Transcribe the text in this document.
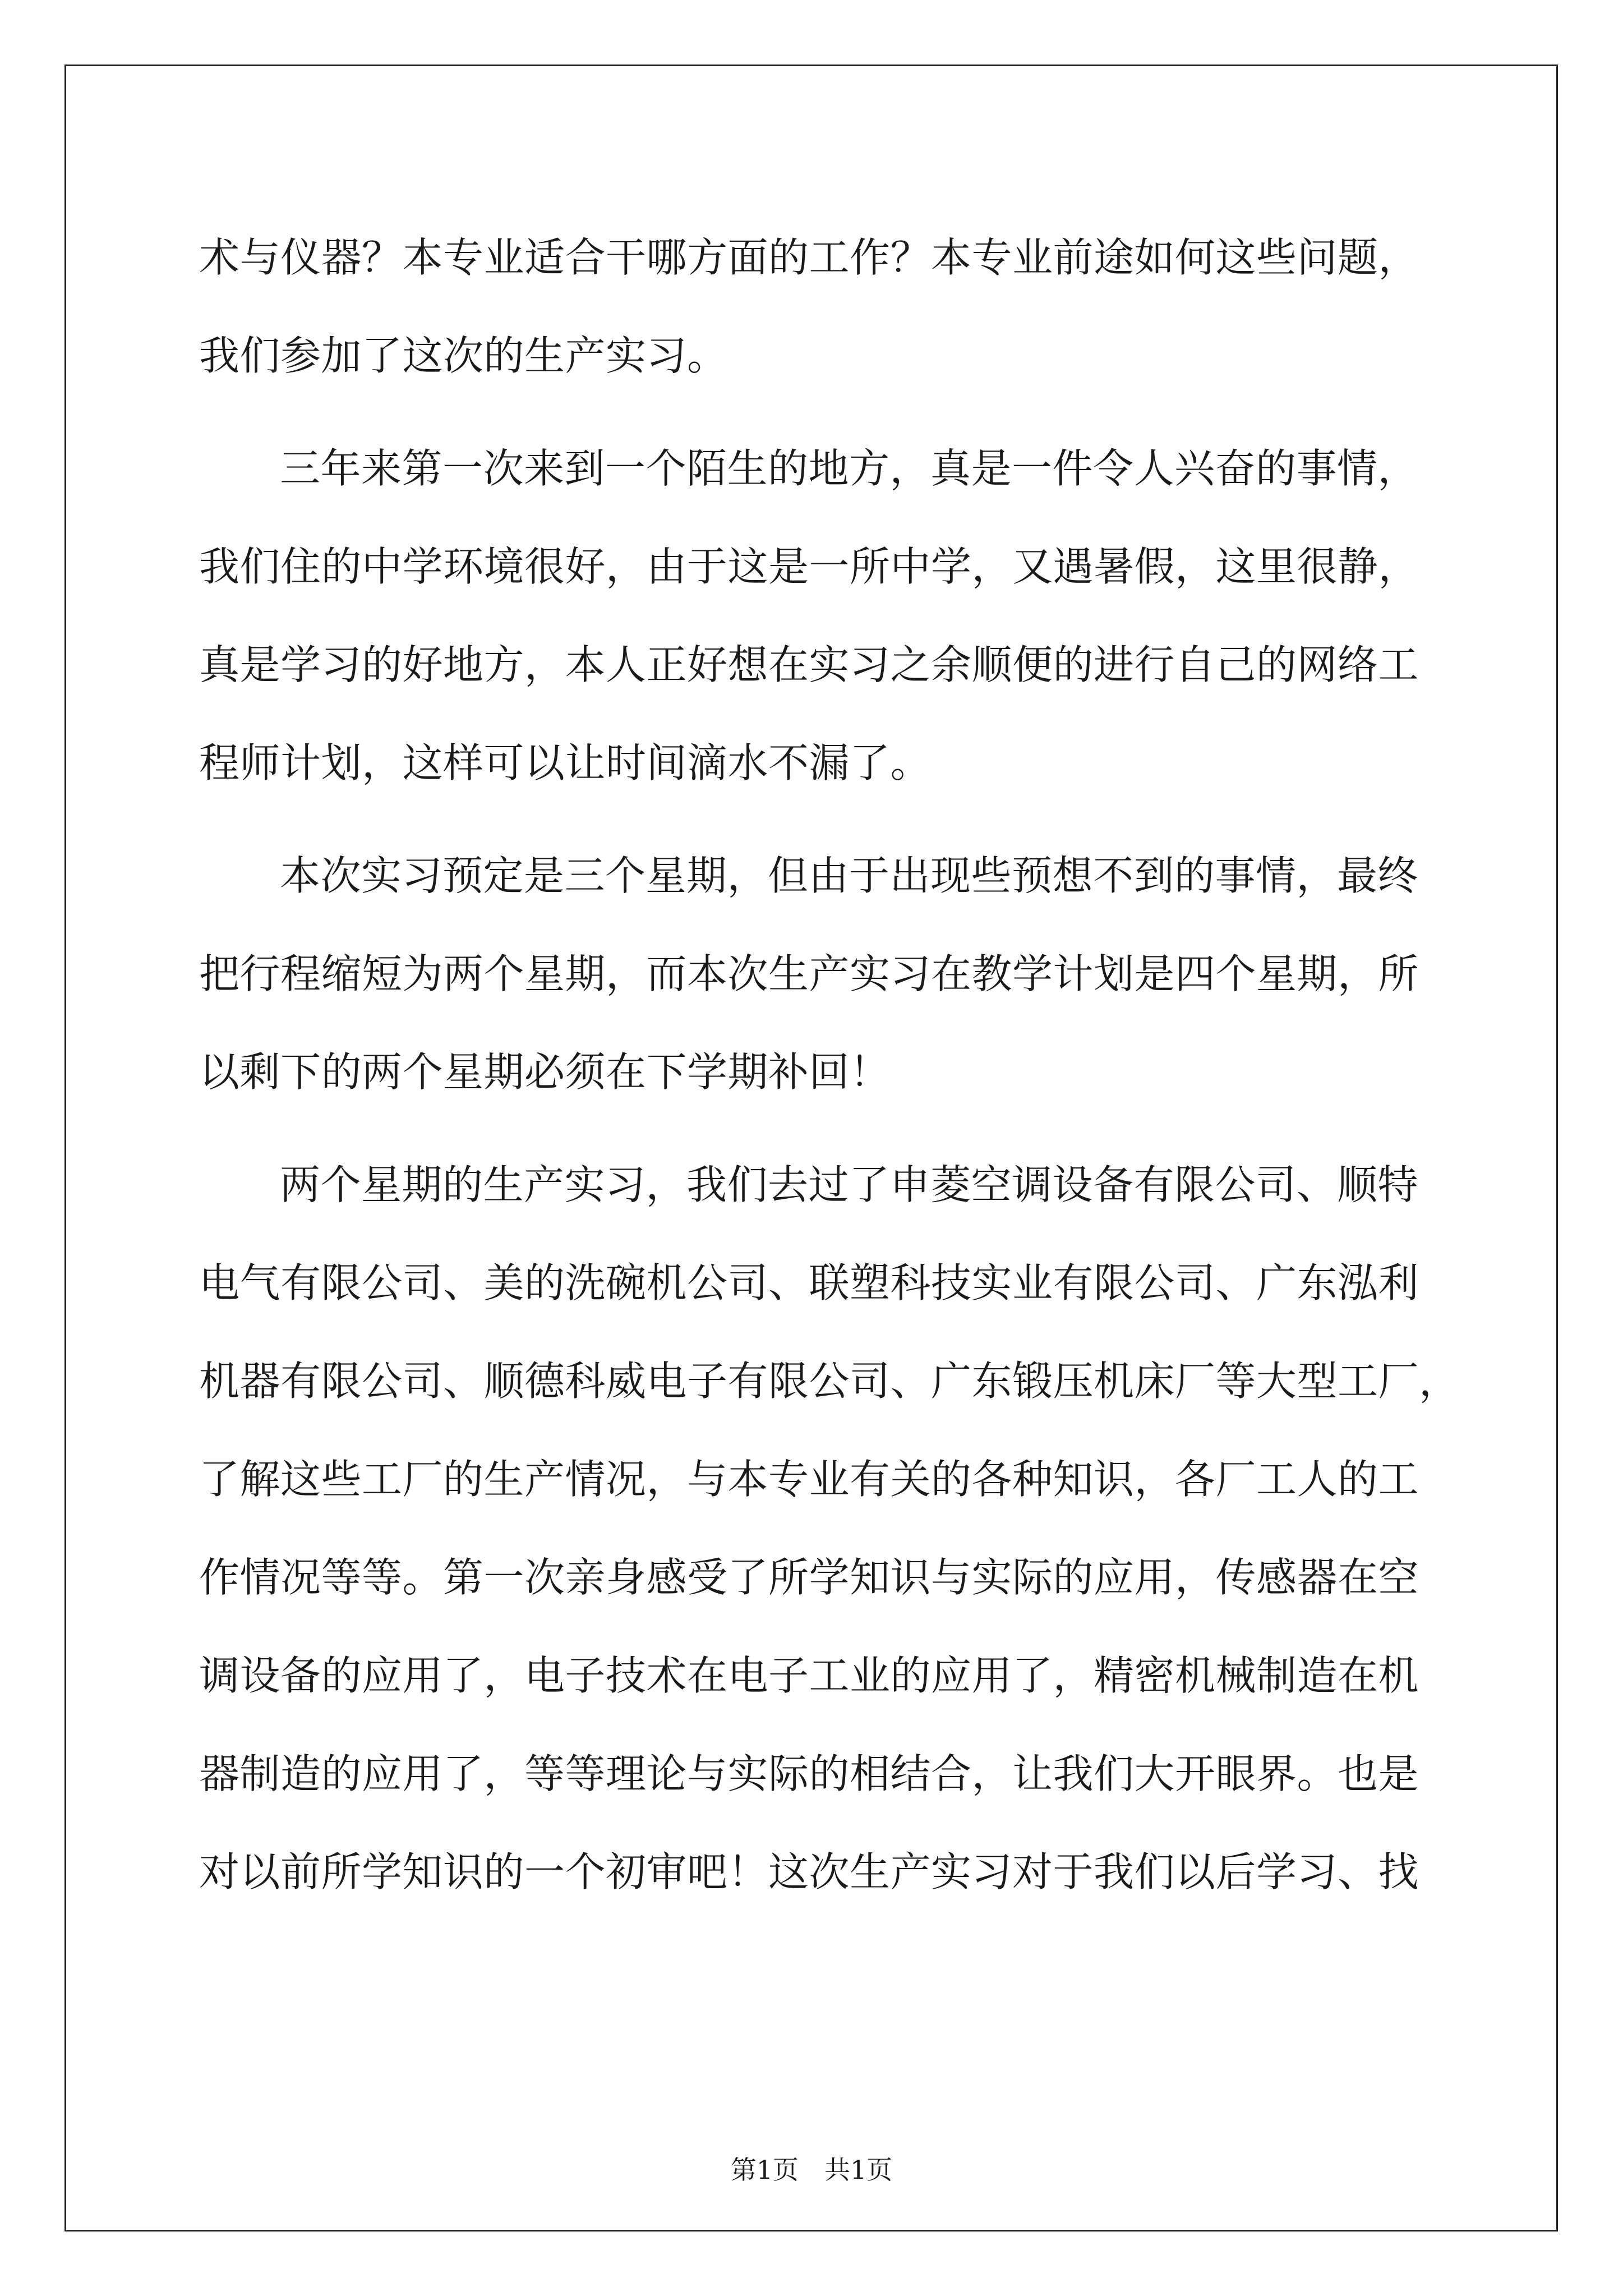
术与仪器？本专业适合干哪方面的工作？本专业前途如何这些问题，
我们参加了这次的生产实习。
三年来第一次来到一个陌生的地方，真是一件令人兴奋的事情，
我们住的中学环境很好，由于这是一所中学，又遇暑假，这里很静，
真是学习的好地方，本人正好想在实习之余顺便的进行自己的网络工
程师计划，这样可以让时间滴水不漏了。
本次实习预定是三个星期，但由于出现些预想不到的事情，最终
把行程缩短为两个星期，而本次生产实习在教学计划是四个星期，所
以剩下的两个星期必须在下学期补回！
两个星期的生产实习，我们去过了申菱空调设备有限公司、顺特
电气有限公司、美的洗碗机公司、联塑科技实业有限公司、广东泓利
机器有限公司、顺德科威电子有限公司、广东锻压机床厂等大型工厂，
了解这些工厂的生产情况，与本专业有关的各种知识，各厂工人的工
作情况等等。第一次亲身感受了所学知识与实际的应用，传感器在空
调设备的应用了，电子技术在电子工业的应用了，精密机械制造在机
器制造的应用了，等等理论与实际的相结合，让我们大开眼界。也是
对以前所学知识的一个初审吧！这次生产实习对于我们以后学习、找
第1页 共1页
